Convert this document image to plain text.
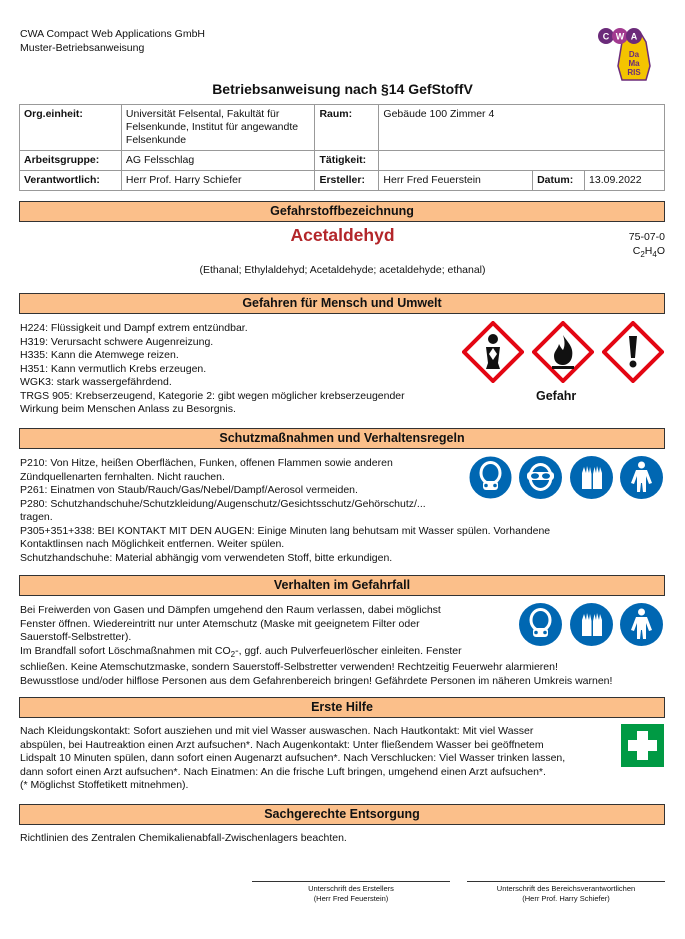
CWA Compact Web Applications GmbH
Muster-Betriebsanweisung
W A
C
Da
Ma
RIS
Betriebsanweisung nach §14 GefStoffV
Org.einheit:	Universität Felsental, Fakultät für Felsenkunde, Institut für angewandte Felsenkunde	Raum:	Gebäude 100 Zimmer 4		
Arbeitsgruppe:	AG Felsschlag	Tätigkeit:			
Verantwortlich:	Herr Prof. Harry Schiefer	Ersteller:	Herr Fred Feuerstein	Datum:	13.09.2022
Gefahrstoffbezeichnung
Acetaldehyd	75-07-0
$C_2H_4O$
(Ethanal; Ethylaldehyd; Acetaldehyde; acetaldehyde; ethanal)
Gefahren für Mensch und Umwelt

H224: Flüssigkeit und Dampf extrem entzündbar.

H319: Verursacht schwere Augenreizung.

H335: Kann die Atemwege reizen.

H351: Kann vermutlich Krebs erzeugen.

WGK3: stark wassergefährdend.

TRGS 905: Krebserzeugend, Kategorie 2: gibt wegen möglicher krebserzeugender

Wirkung beim Menschen Anlass zu Besorgnis.

Gefahr
Schutzmaßnahmen und Verhaltensregeln

P210: Von Hitze, heißen Oberflächen, Funken, offenen Flammen sowie anderen

Zündquellenarten fernhalten. Nicht rauchen.

P261: Einatmen von Staub/Rauch/Gas/Nebel/Dampf/Aerosol vermeiden.

P280: Schutzhandschuhe/Schutzkleidung/Augenschutz/Gesichtsschutz/Gehörschutz/...

tragen.

P305+351+338: BEI KONTAKT MIT DEN AUGEN: Einige Minuten lang behutsam mit Wasser spülen. Vorhandene

Kontaktlinsen nach Möglichkeit entfernen. Weiter spülen.

Schutzhandschuhe: Material abhängig vom verwendeten Stoff, bitte erkundigen.

Verhalten im Gefahrfall

Bei Freiwerden von Gasen und Dämpfen umgehend den Raum verlassen, dabei möglichst

Fenster öffnen. Wiedereintritt nur unter Atemschutz (Maske mit geeignetem Filter oder

Sauerstoff-Selbstretter).

Im Brandfall sofort Löschmaßnahmen mit $CO_2-$, ggf. auch Pulverfeuerlöscher einleiten. Fenster

schließen. Keine Atemschutzmaske, sondern Sauerstoff-Selbstretter verwenden! Rechtzeitig Feuerwehr alarmieren!

Bewusstlose und/oder hilflose Personen aus dem Gefahrenbereich bringen! Gefährdete Personen im näheren Umkreis warnen!

Erste Hilfe

Nach Kleidungskontakt: Sofort ausziehen und mit viel Wasser auswaschen. Nach Hautkontakt: Mit viel Wasser

abspülen, bei Hautreaktion einen Arzt aufsuchen*. Nach Augenkontakt: Unter fließendem Wasser bei geöffnetem

Lidspalt 10 Minuten spülen, dann sofort einen Augenarzt aufsuchen*. Nach Verschlucken: Viel Wasser trinken lassen,

dann sofort einen Arzt aufsuchen*. Nach Einatmen: An die frische Luft bringen, umgehend einen Arzt aufsuchen*.

(* Möglichst Stoffetikett mitnehmen).

Sachgerechte Entsorgung
Richtlinien des Zentralen Chemikalienabfall-Zwischenlagers beachten.
Unterschrift des Erstellers
(Herr Fred Feuerstein)
Unterschrift des Bereichsverantwortlichen
(Herr Prof. Harry Schiefer)
